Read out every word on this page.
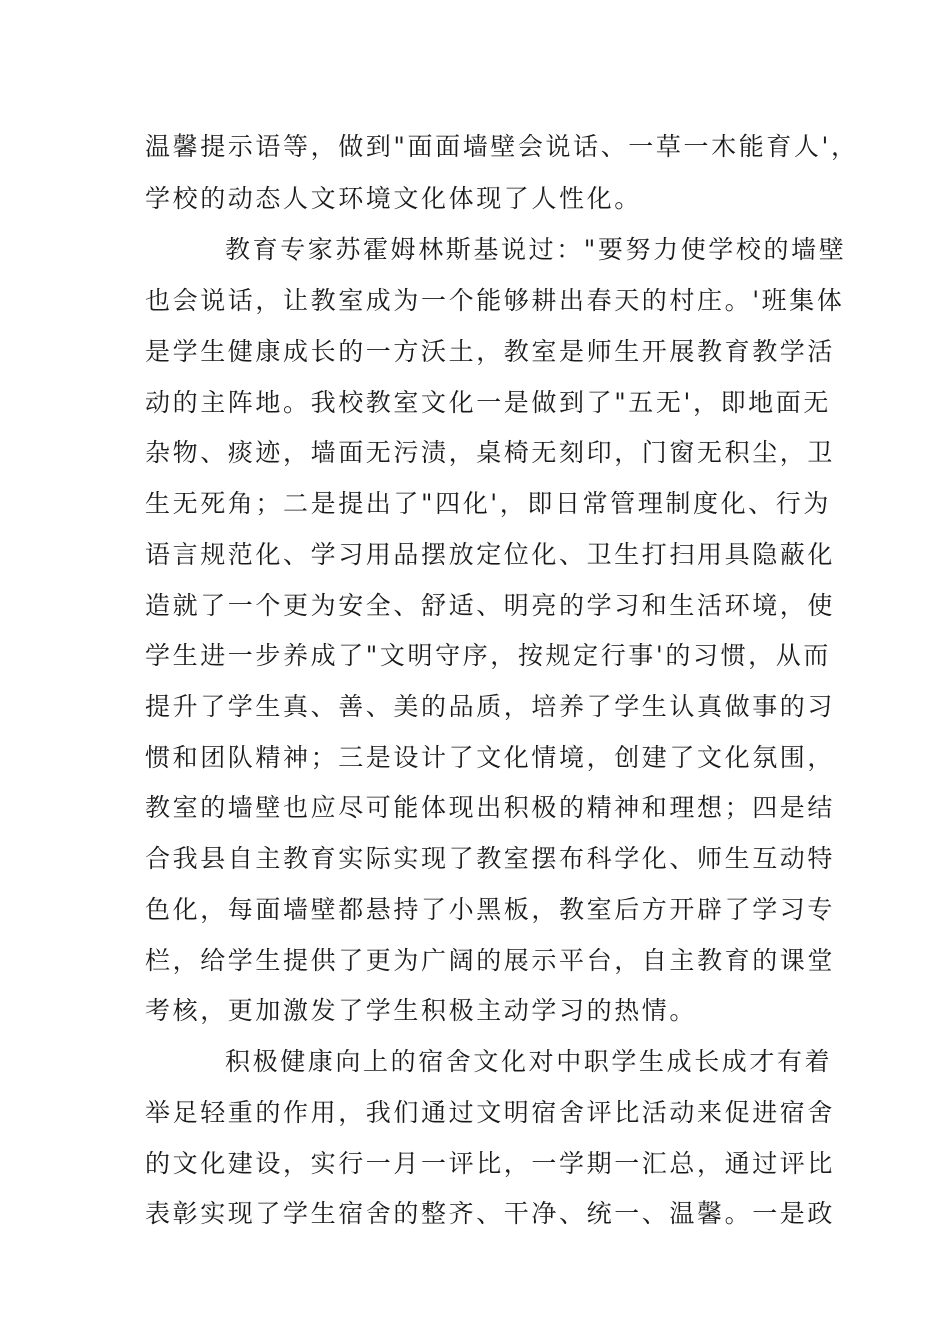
温馨提示语等，做到"面面墙壁会说话、一草一木能育人'，
学校的动态人文环境文化体现了人性化。
教育专家苏霍姆林斯基说过："要努力使学校的墙壁
也会说话，让教室成为一个能够耕出春天的村庄。'班集体
是学生健康成长的一方沃土，教室是师生开展教育教学活
动的主阵地。我校教室文化一是做到了"五无'，即地面无
杂物、痰迹，墙面无污渍，桌椅无刻印，门窗无积尘，卫
生无死角；二是提出了"四化'，即日常管理制度化、行为
语言规范化、学习用品摆放定位化、卫生打扫用具隐蔽化
造就了一个更为安全、舒适、明亮的学习和生活环境，使
学生进一步养成了"文明守序，按规定行事'的习惯，从而
提升了学生真、善、美的品质，培养了学生认真做事的习
惯和团队精神；三是设计了文化情境，创建了文化氛围，
教室的墙壁也应尽可能体现出积极的精神和理想；四是结
合我县自主教育实际实现了教室摆布科学化、师生互动特
色化，每面墙壁都悬持了小黑板，教室后方开辟了学习专
栏，给学生提供了更为广阔的展示平台，自主教育的课堂
考核，更加激发了学生积极主动学习的热情。
积极健康向上的宿舍文化对中职学生成长成才有着
举足轻重的作用，我们通过文明宿舍评比活动来促进宿舍
的文化建设，实行一月一评比，一学期一汇总，通过评比
表彰实现了学生宿舍的整齐、干净、统一、温馨。一是政
